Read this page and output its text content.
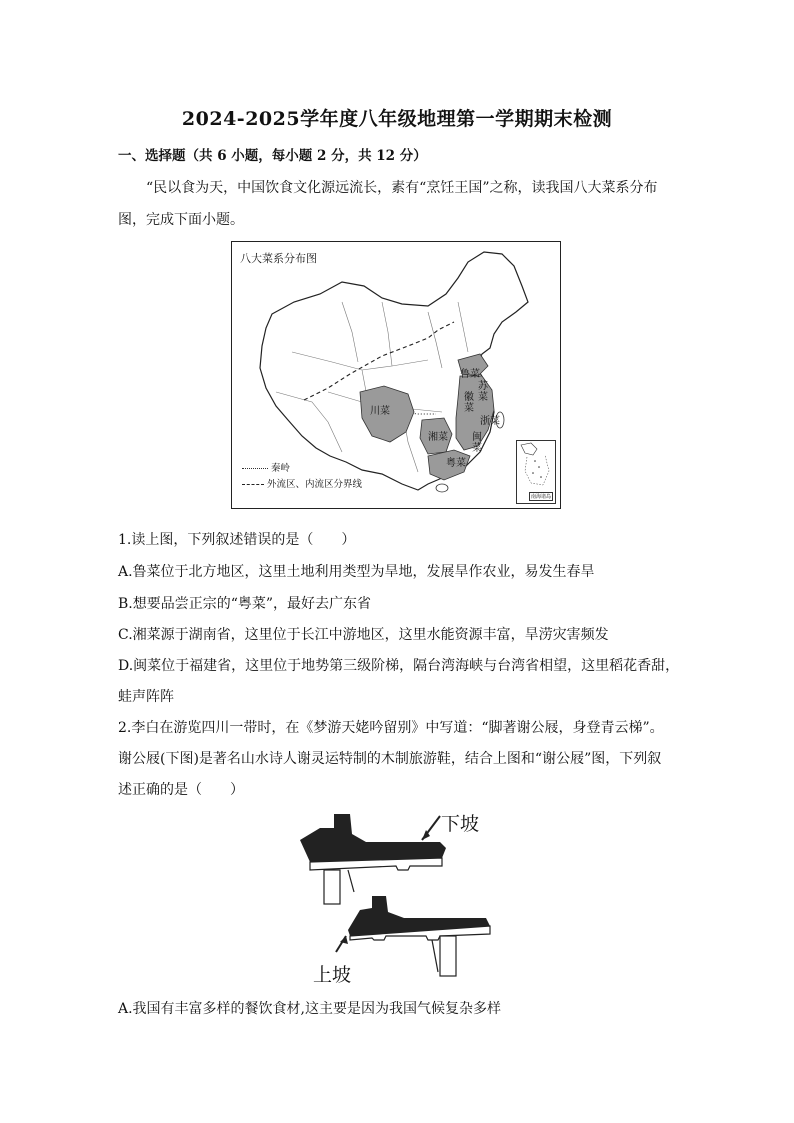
2024-2025学年度八年级地理第一学期期末检测
一、选择题（共 6 小题，每小题 2 分，共 12 分）
“民以食为天，中国饮食文化源远流长，素有“烹饪王国”之称，读我国八大菜系分布图，完成下面小题。
八大菜系分布图
鲁菜
苏菜
徽菜
浙菜
川菜
湘菜 闽菜
粤菜
秦岭
外流区、内流区分界线
南海诸岛
1.读上图，下列叙述错误的是（　　）
A.鲁菜位于北方地区，这里土地利用类型为旱地，发展旱作农业，易发生春旱
B.想要品尝正宗的“粤菜”，最好去广东省
C.湘菜源于湖南省，这里位于长江中游地区，这里水能资源丰富，旱涝灾害频发
D.闽菜位于福建省，这里位于地势第三级阶梯，隔台湾海峡与台湾省相望，这里稻花香甜，
蛙声阵阵
2.李白在游览四川一带时，在《梦游天姥吟留别》中写道：“脚著谢公屐，身登青云梯”。
谢公屐(下图)是著名山水诗人谢灵运特制的木制旅游鞋，结合上图和“谢公屐”图，下列叙
述正确的是（　　）
下坡
上坡
A.我国有丰富多样的餐饮食材,这主要是因为我国气候复杂多样
